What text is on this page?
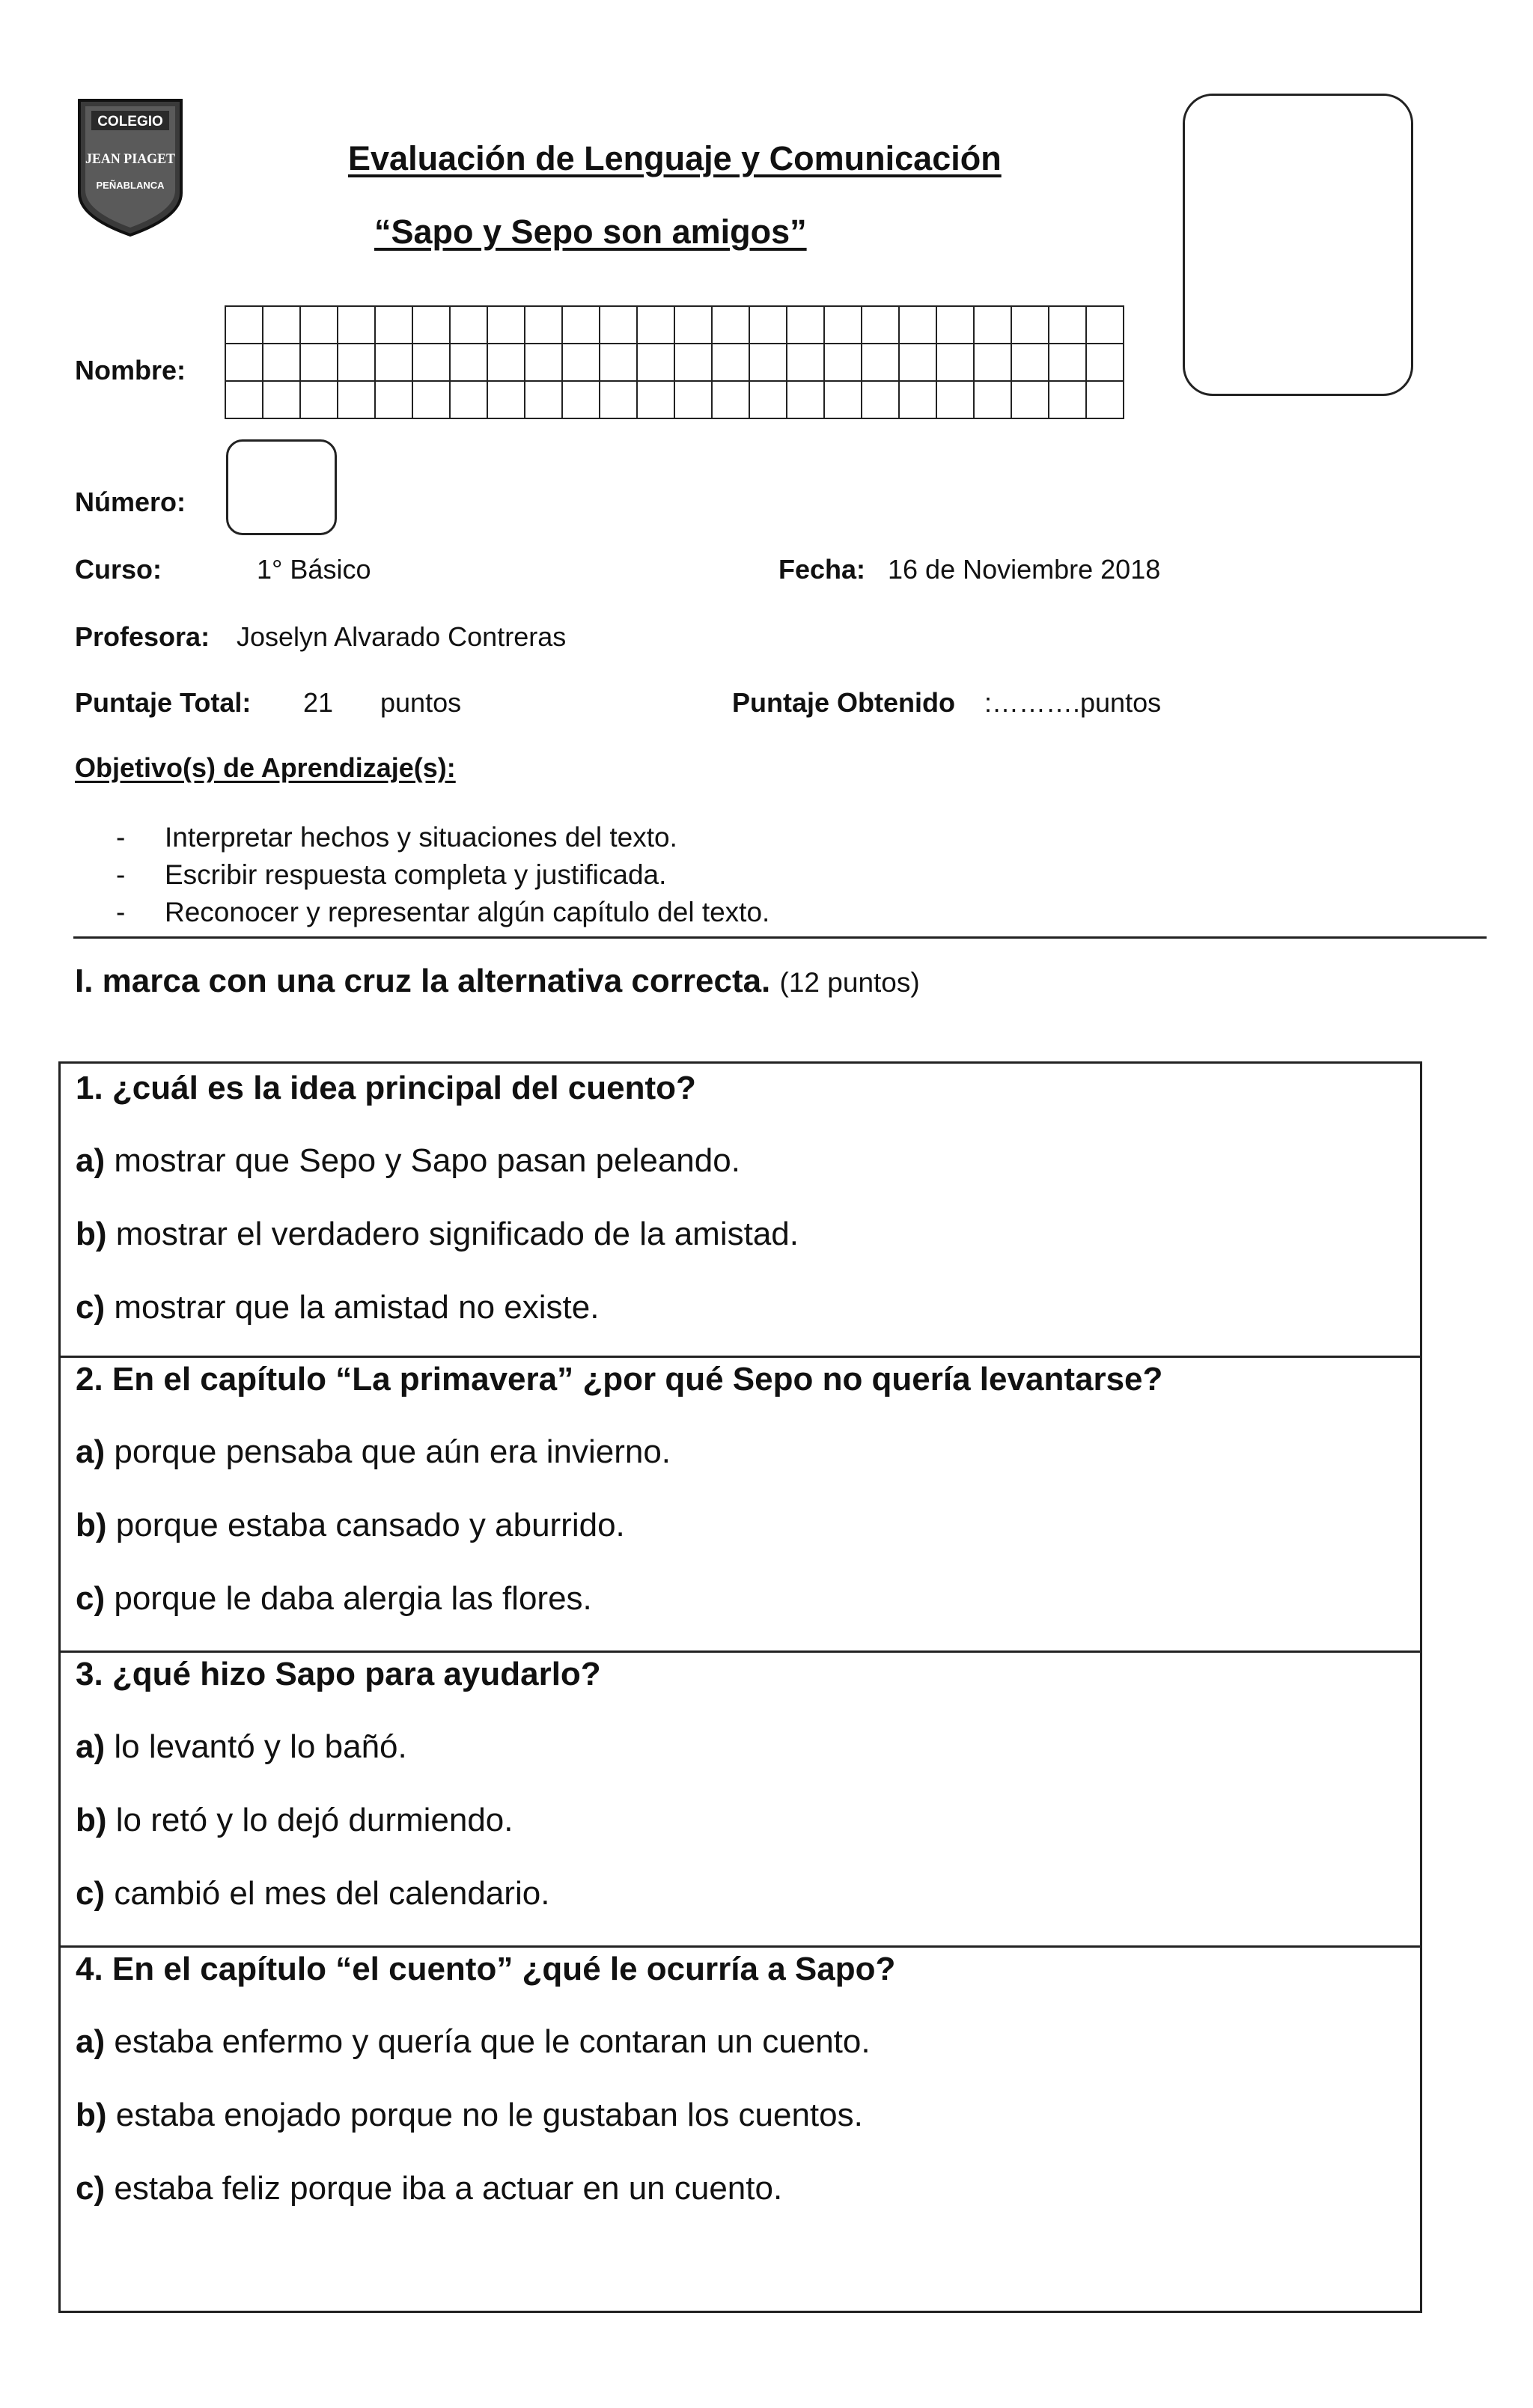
COLEGIO
JEAN PIAGET
PEÑABLANCA
Evaluación de Lenguaje y Comunicación
“Sapo y Sepo son amigos”
Nombre:
Número:
Curso:	1° Básico	Fecha: 16 de Noviembre 2018
Profesora: Joselyn Alvarado Contreras
Puntaje Total: 21 puntos	Puntaje Obtenido :……….puntos
Objetivo(s) de Aprendizaje(s):
- Interpretar hechos y situaciones del texto.
- Escribir respuesta completa y justificada.
- Reconocer y representar algún capítulo del texto.
I. marca con una cruz la alternativa correcta. (12 puntos)
1. ¿cuál es la idea principal del cuento?
a) mostrar que Sepo y Sapo pasan peleando.
b) mostrar el verdadero significado de la amistad.
c) mostrar que la amistad no existe.
2. En el capítulo “La primavera” ¿por qué Sepo no quería levantarse?
a) porque pensaba que aún era invierno.
b) porque estaba cansado y aburrido.
c) porque le daba alergia las flores.
3. ¿qué hizo Sapo para ayudarlo?
a) lo levantó y lo bañó.
b) lo retó y lo dejó durmiendo.
c) cambió el mes del calendario.
4. En el capítulo “el cuento” ¿qué le ocurría a Sapo?
a) estaba enfermo y quería que le contaran un cuento.
b) estaba enojado porque no le gustaban los cuentos.
c) estaba feliz porque iba a actuar en un cuento.
